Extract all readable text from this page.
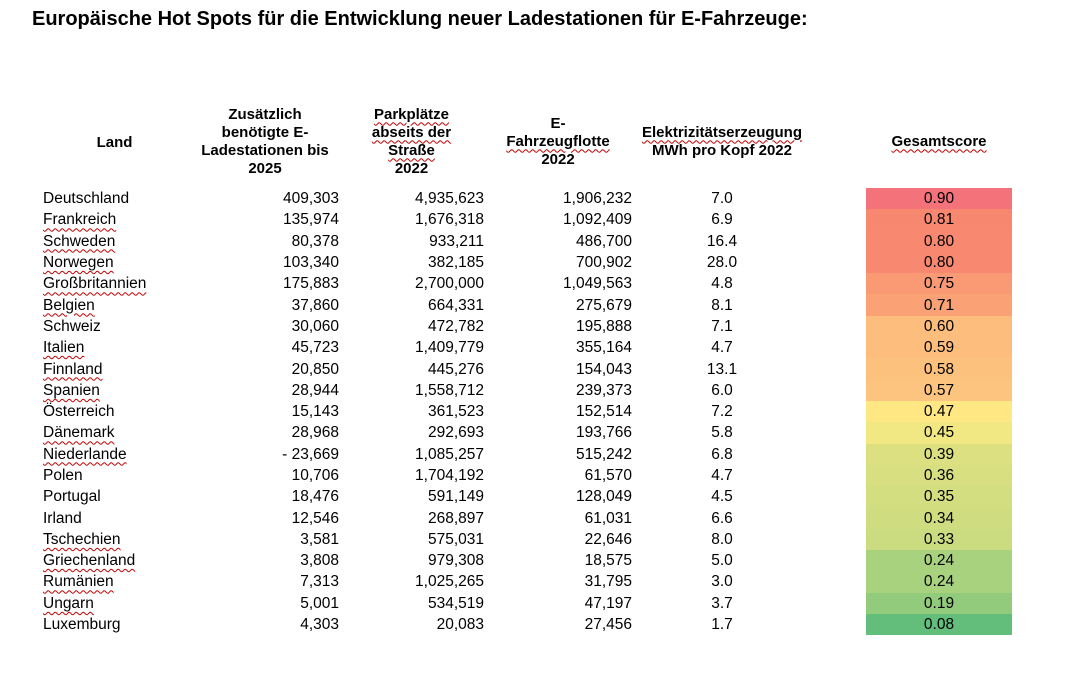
Europäische Hot Spots für die Entwicklung neuer Ladestationen für E-Fahrzeuge:
Land	Zusätzlich
benötigte E-
Ladestationen bis
2025	Parkplätze
abseits der
Straße
2022	E-
Fahrzeugflotte
2022	Elektrizitätserzeugung
MWh pro Kopf 2022		Gesamtscore
Deutschland	409,303	4,935,623	1,906,232	7.0		0.90
Frankreich	135,974	1,676,318	1,092,409	6.9		0.81
Schweden	80,378	933,211	486,700	16.4		0.80
Norwegen	103,340	382,185	700,902	28.0		0.80
Großbritannien	175,883	2,700,000	1,049,563	4.8		0.75
Belgien	37,860	664,331	275,679	8.1		0.71
Schweiz	30,060	472,782	195,888	7.1		0.60
Italien	45,723	1,409,779	355,164	4.7		0.59
Finnland	20,850	445,276	154,043	13.1		0.58
Spanien	28,944	1,558,712	239,373	6.0		0.57
Österreich	15,143	361,523	152,514	7.2		0.47
Dänemark	28,968	292,693	193,766	5.8		0.45
Niederlande	- 23,669	1,085,257	515,242	6.8		0.39
Polen	10,706	1,704,192	61,570	4.7		0.36
Portugal	18,476	591,149	128,049	4.5		0.35
Irland	12,546	268,897	61,031	6.6		0.34
Tschechien	3,581	575,031	22,646	8.0		0.33
Griechenland	3,808	979,308	18,575	5.0		0.24
Rumänien	7,313	1,025,265	31,795	3.0		0.24
Ungarn	5,001	534,519	47,197	3.7		0.19
Luxemburg	4,303	20,083	27,456	1.7		0.08
